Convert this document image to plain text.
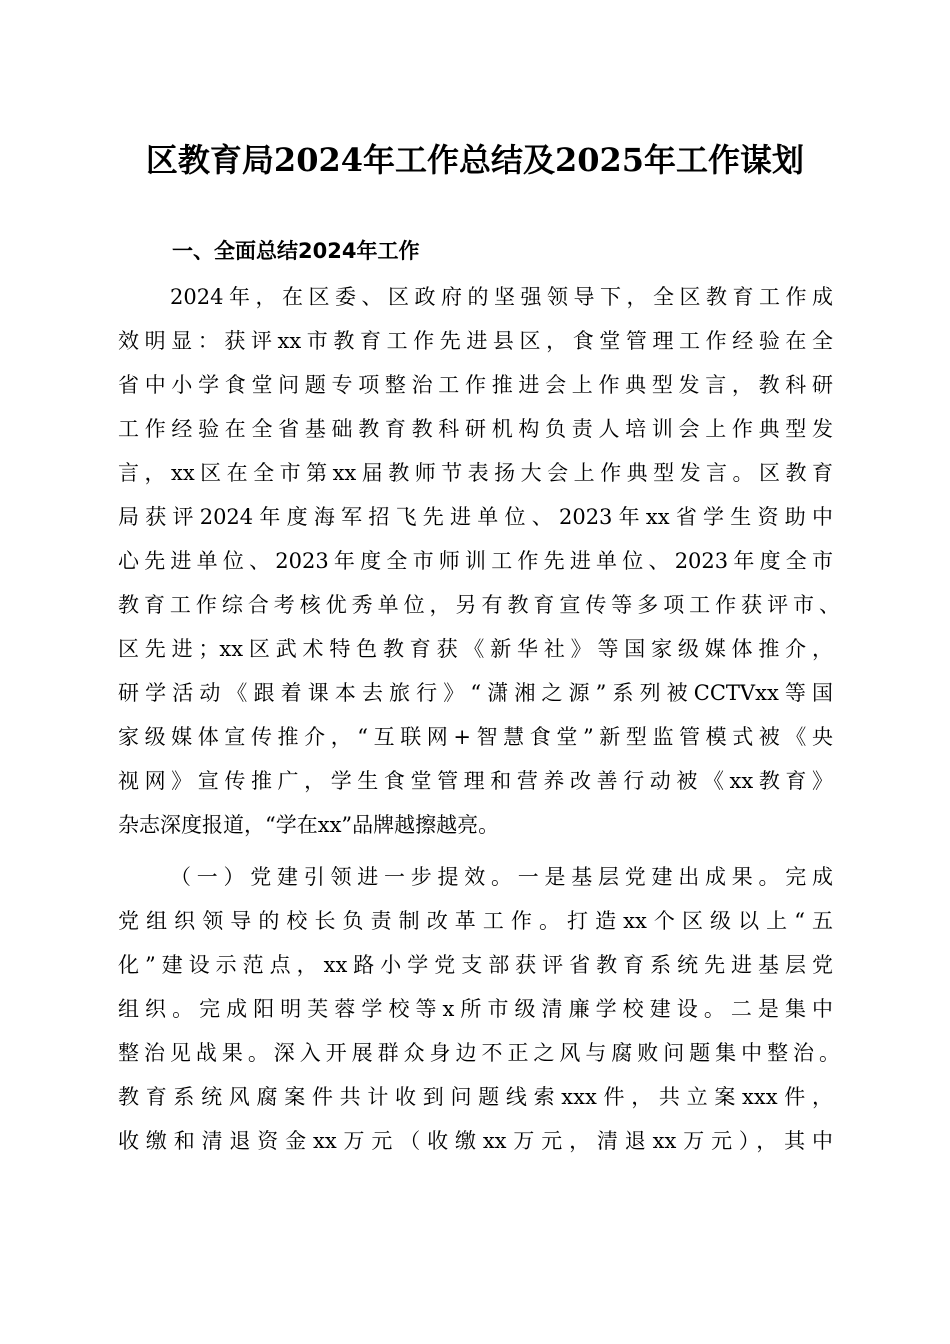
区教育局2024年工作总结及2025年工作谋划
一、全面总结2024年工作
2024年，在区委、区政府的坚强领导下，全区教育工作成
效明显：获评xx市教育工作先进县区，食堂管理工作经验在全
省中小学食堂问题专项整治工作推进会上作典型发言，教科研
工作经验在全省基础教育教科研机构负责人培训会上作典型发
言，xx区在全市第xx届教师节表扬大会上作典型发言。区教育
局获评2024年度海军招飞先进单位、2023年xx省学生资助中
心先进单位、2023年度全市师训工作先进单位、2023年度全市
教育工作综合考核优秀单位，另有教育宣传等多项工作获评市、
区先进；xx区武术特色教育获《新华社》等国家级媒体推介，
研学活动《跟着课本去旅行》“潇湘之源”系列被CCTVxx等国
家级媒体宣传推介，“互联网+智慧食堂”新型监管模式被《央
视网》宣传推广，学生食堂管理和营养改善行动被《xx教育》
杂志深度报道，“学在xx”品牌越擦越亮。
（一）党建引领进一步提效。一是基层党建出成果。完成
党组织领导的校长负责制改革工作。打造xx个区级以上“五
化”建设示范点，xx路小学党支部获评省教育系统先进基层党
组织。完成阳明芙蓉学校等x所市级清廉学校建设。二是集中
整治见战果。深入开展群众身边不正之风与腐败问题集中整治。
教育系统风腐案件共计收到问题线索xxx件，共立案xxx件，
收缴和清退资金xx万元（收缴xx万元，清退xx万元），其中
